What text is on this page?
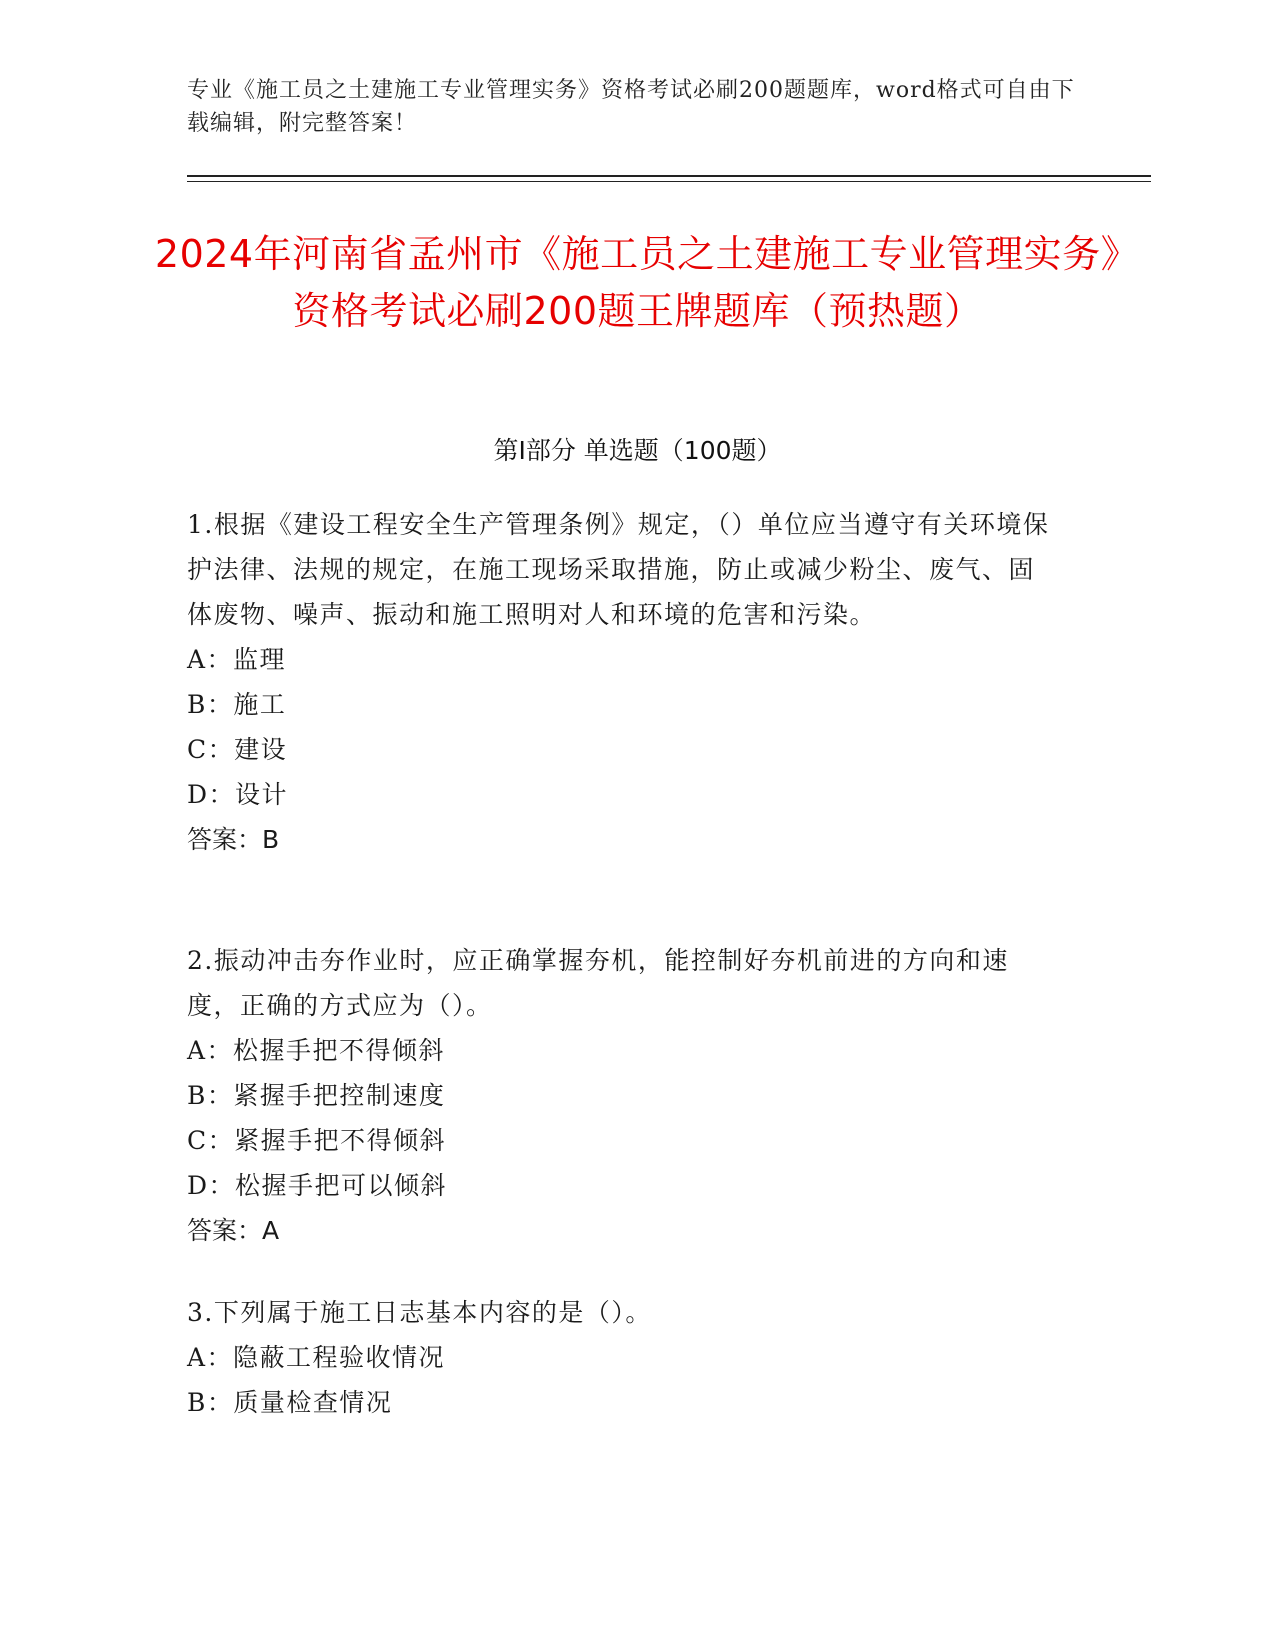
专业《施工员之土建施工专业管理实务》资格考试必刷200题题库，word格式可自由下载编辑，附完整答案！
2024年河南省孟州市《施工员之土建施工专业管理实务》资格考试必刷200题王牌题库（预热题）
第I部分 单选题（100题）

1.根据《建设工程安全生产管理条例》规定，（）单位应当遵守有关环境保护法律、法规的规定，在施工现场采取措施，防止或减少粉尘、废气、固体废物、噪声、振动和施工照明对人和环境的危害和污染。

A：监理

B：施工

C：建设

D：设计

答案：B

2.振动冲击夯作业时，应正确掌握夯机，能控制好夯机前进的方向和速度，正确的方式应为（）。

A：松握手把不得倾斜

B：紧握手把控制速度

C：紧握手把不得倾斜

D：松握手把可以倾斜

答案：A

3.下列属于施工日志基本内容的是（）。

A：隐蔽工程验收情况

B：质量检查情况
